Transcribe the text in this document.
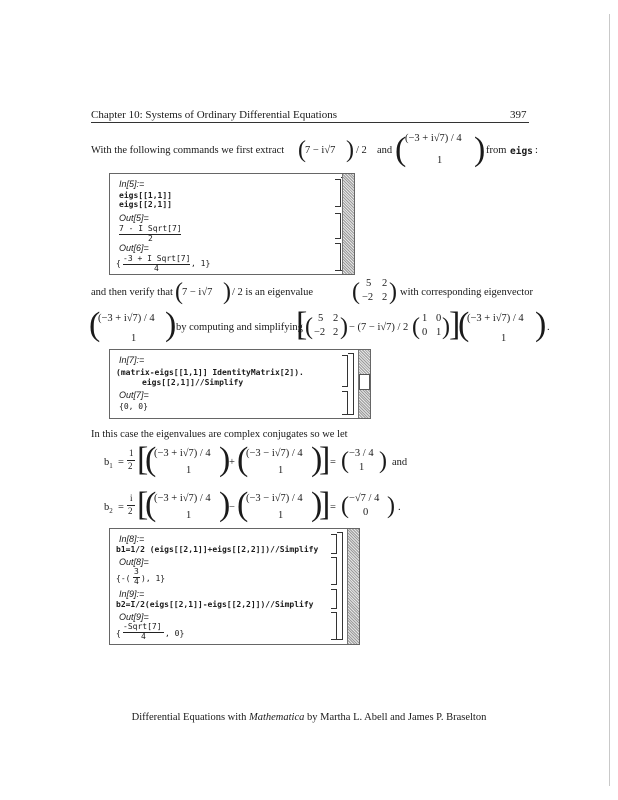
Chapter 10: Systems of Ordinary Differential Equations	397
With the following commands we first extract ( 7 − i√7 ) / 2 and (
(−3 + i√7) / 4
1 ) from eigs :
In[5]:=
eigs[[1,1]]
eigs[[2,1]]
Out[5]=
7 - I Sqrt[7]
2
Out[6]=
{
-3 + I Sqrt[7]
4
, 1}
and then verify that ( 7 − i√7 ) / 2 is an eigenvalue ( 5 2
−2 2 ) with corresponding eigenvector
(
(−3 + i√7) / 4
1 ) by computing and simplifying
[
( 5 2
−2 2 ) − (7 − i√7) / 2 ( 1 0
0 1 ) ]
(
(−3 + i√7) / 4
1 ) .
In[7]:=
(matrix-eigs[[1,1]] IdentityMatrix[2]).
eigs[[2,1]]//Simplify
Out[7]=
{0, 0}
In this case the eigenvalues are complex conjugates so we let
$b_1$ =
1
2 [
(
(−3 + i√7) / 4
1 )
+ (
(−3 − i√7) / 4
1 )
] = ( −3 / 4
1 ) and
$b_2$ =
i
2 [
(
(−3 + i√7) / 4
1 )
− (
(−3 − i√7) / 4
1 )
] = ( −√7 / 4
0 ) .
In[8]:=
b1=1/2 (eigs[[2,1]]+eigs[[2,2]])//Simplify
Out[8]=
{-(
3
4 ), 1}
In[9]:=
b2=I/2(eigs[[2,1]]-eigs[[2,2]])//Simplify
Out[9]=
{
-Sqrt[7]
4 , 0}
Differential Equations with Mathematica by Martha L. Abell and James P. Braselton
